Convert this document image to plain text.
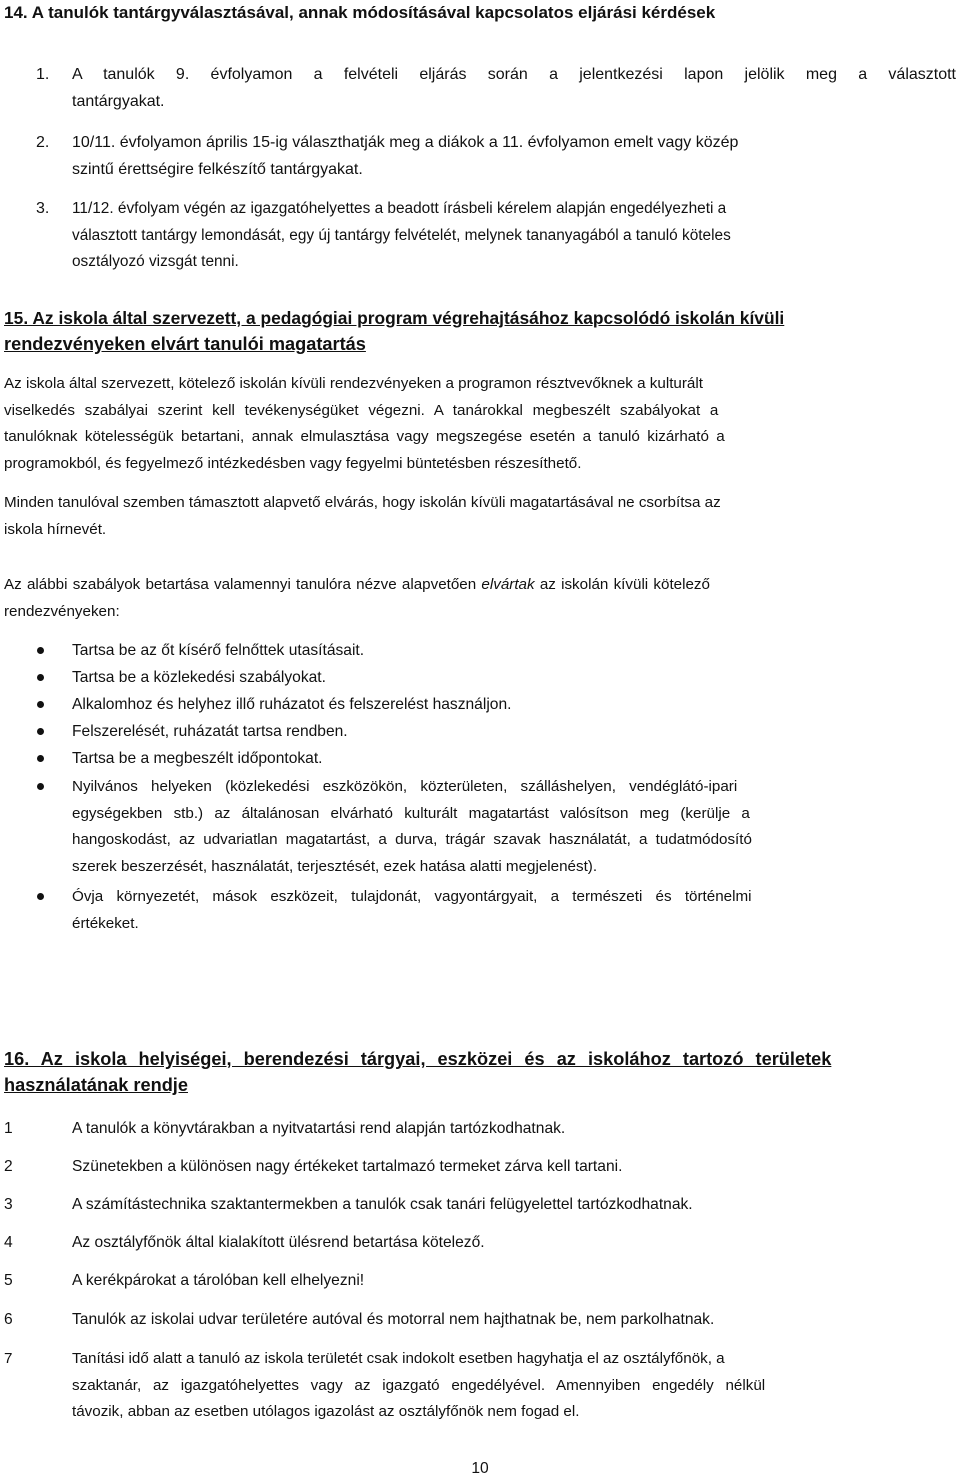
14. A tanulók tantárgyválasztásával, annak módosításával kapcsolatos eljárási kérdések
1. A tanulók 9. évfolyamon a felvételi eljárás során a jelentkezési lapon jelölik meg a választott
tantárgyakat.
2. 10/11. évfolyamon április 15-ig választhatják meg a diákok a 11. évfolyamon emelt vagy közép
szintű érettségire felkészítő tantárgyakat.
3. 11/12. évfolyam végén az igazgatóhelyettes a beadott írásbeli kérelem alapján engedélyezheti a
választott tantárgy lemondását, egy új tantárgy felvételét, melynek tananyagából a tanuló köteles
osztályozó vizsgát tenni.
15. Az iskola által szervezett, a pedagógiai program végrehajtásához kapcsolódó iskolán kívüli
rendezvényeken elvárt tanulói magatartás
Az iskola által szervezett, kötelező iskolán kívüli rendezvényeken a programon résztvevőknek a kulturált
viselkedés szabályai szerint kell tevékenységüket végezni. A tanárokkal megbeszélt szabályokat a
tanulóknak kötelességük betartani, annak elmulasztása vagy megszegése esetén a tanuló kizárható a
programokból, és fegyelmező intézkedésben vagy fegyelmi büntetésben részesíthető.
Minden tanulóval szemben támasztott alapvető elvárás, hogy iskolán kívüli magatartásával ne csorbítsa az
iskola hírnevét.
Az alábbi szabályok betartása valamennyi tanulóra nézve alapvetően elvártak az iskolán kívüli kötelező
rendezvényeken:
Tartsa be az őt kísérő felnőttek utasításait.
Tartsa be a közlekedési szabályokat.
Alkalomhoz és helyhez illő ruházatot és felszerelést használjon.
Felszerelését, ruházatát tartsa rendben.
Tartsa be a megbeszélt időpontokat.
Nyilvános helyeken (közlekedési eszközökön, közterületen, szálláshelyen, vendéglátó-ipari
egységekben stb.) az általánosan elvárható kulturált magatartást valósítson meg (kerülje a
hangoskodást, az udvariatlan magatartást, a durva, trágár szavak használatát, a tudatmódosító
szerek beszerzését, használatát, terjesztését, ezek hatása alatti megjelenést).
Óvja környezetét, mások eszközeit, tulajdonát, vagyontárgyait, a természeti és történelmi
értékeket.
16. Az iskola helyiségei, berendezési tárgyai, eszközei és az iskolához tartozó területek
használatának rendje
1	A tanulók a könyvtárakban a nyitvatartási rend alapján tartózkodhatnak.
2	Szünetekben a különösen nagy értékeket tartalmazó termeket zárva kell tartani.
3	A számítástechnika szaktantermekben a tanulók csak tanári felügyelettel tartózkodhatnak.
4	Az osztályfőnök által kialakított ülésrend betartása kötelező.
5	A kerékpárokat a tárolóban kell elhelyezni!
6	Tanulók az iskolai udvar területére autóval és motorral nem hajthatnak be, nem parkolhatnak.
7	Tanítási idő alatt a tanuló az iskola területét csak indokolt esetben hagyhatja el az osztályfőnök, a
szaktanár, az igazgatóhelyettes vagy az igazgató engedélyével. Amennyiben engedély nélkül
távozik, abban az esetben utólagos igazolást az osztályfőnök nem fogad el.
10
